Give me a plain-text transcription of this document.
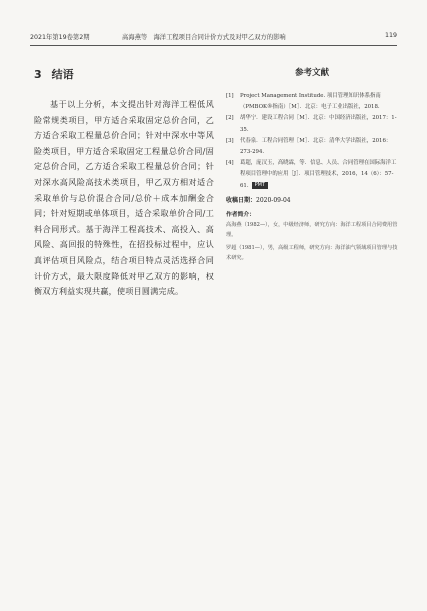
2021年第19卷第2期	高海燕等　海洋工程项目合同计价方式及对甲乙双方的影响	119
3 结语

基于以上分析，本文提出针对海洋工程低风险常规类项目，甲方适合采取固定总价合同，乙方适合采取工程量总价合同；针对中深水中等风险类项目，甲方适合采取固定工程量总价合同/固定总价合同，乙方适合采取工程量总价合同；针对深水高风险高技术类项目，甲乙双方相对适合采取单价与总价混合合同/总价＋成本加酬金合同；针对短期或单体项目，适合采取单价合同/工料合同形式。基于海洋工程高技术、高投入、高风险、高回报的特殊性，在招投标过程中，应认真评估项目风险点，结合项目特点灵活选择合同计价方式，最大限度降低对甲乙双方的影响，权衡双方利益实现共赢，使项目圆满完成。

参考文献
[1] Project Management Institude. 项目管理知识体系指南（PMBOK®指南）［M］．北京：电子工业出版社，2018.
[2] 胡华宁．建设工程合同［M］．北京：中国经济出版社，2017：1-35.
[3] 代春泉．工程合同管理［M］．北京：清华大学出版社，2016：273-294.
[4] 葛超，庞汉玉，高晓霖，等．信息、人员、合同管理在国际海洋工程项目管理中的应用［J］．项目管理技术，2016，14（6）：57-61. PMT
收稿日期：2020-09-04
作者简介：
高海燕（1982—），女，中级经济师，研究方向：海洋工程项目合同费用管理。
罗超（1981—），男，高级工程师，研究方向：海洋油气领域项目管理与技术研究。
